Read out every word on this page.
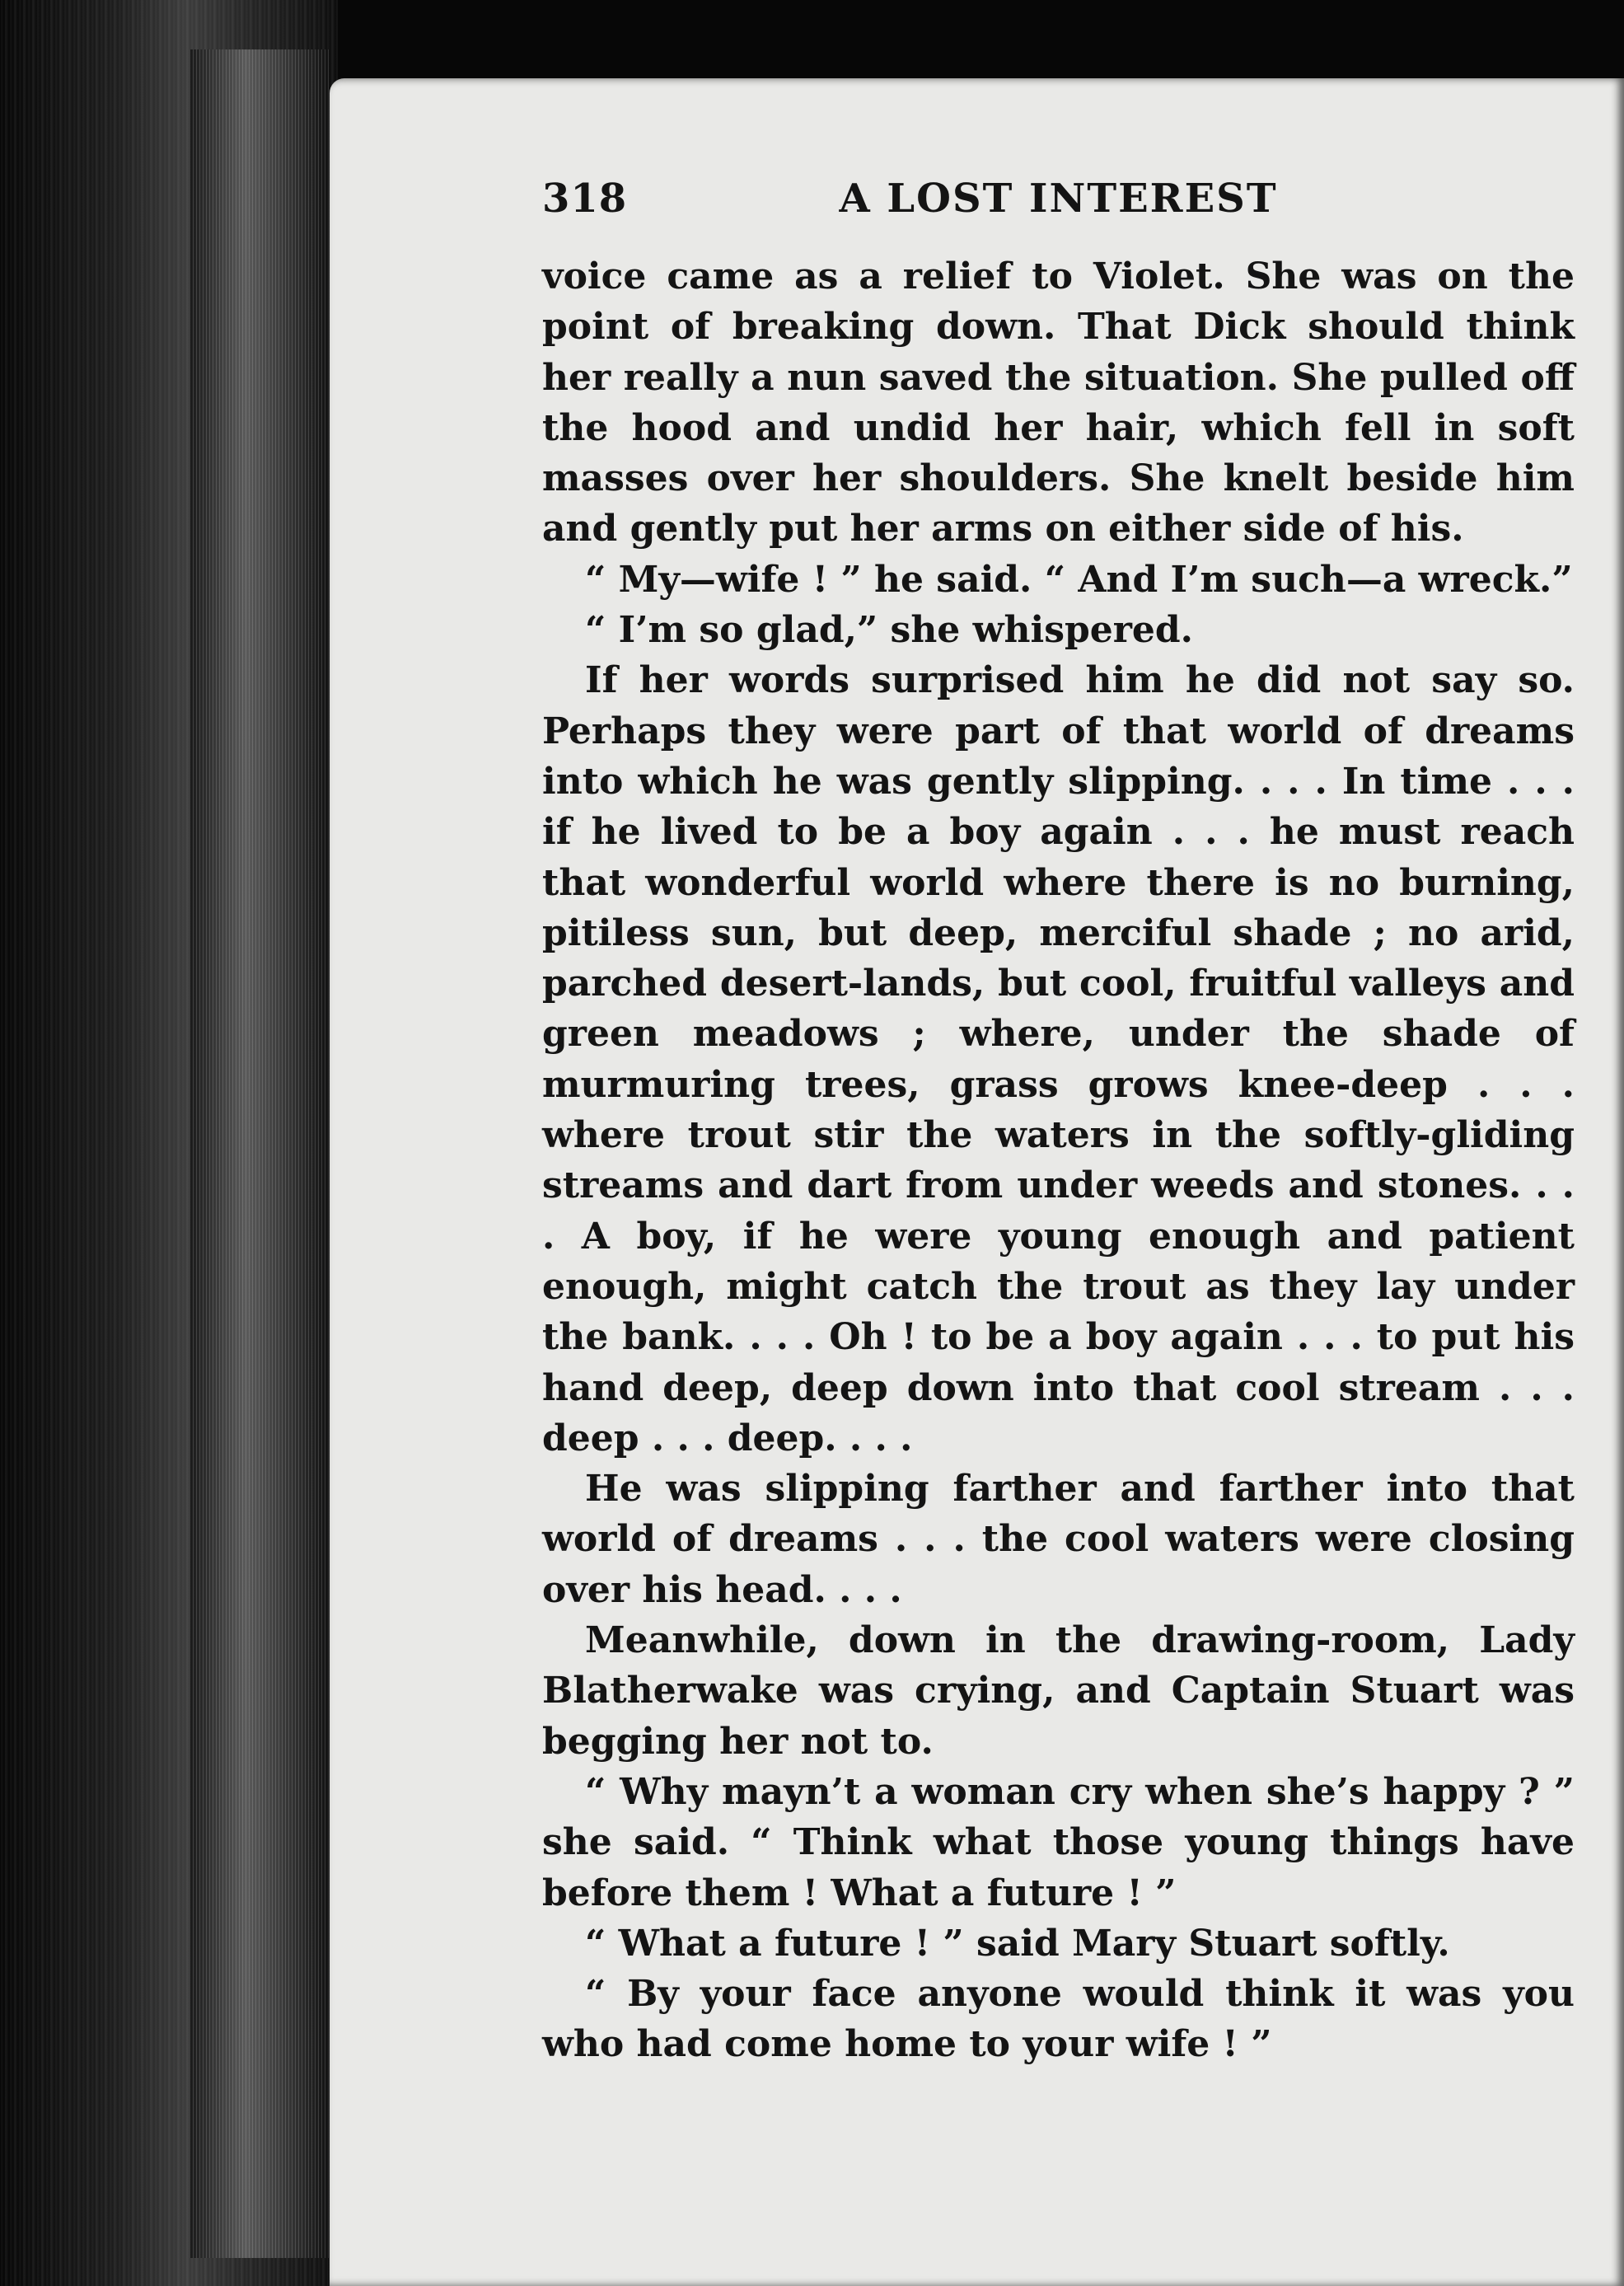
A LOST INTEREST
318

voice came as a relief to Violet. She was on the point of breaking down. That Dick should think her really a nun saved the situation. She pulled off the hood and undid her hair, which fell in soft masses over her shoulders. She knelt beside him and gently put her arms on either side of his.

“ My—wife ! ” he said. “ And I’m such—a wreck.”

“ I’m so glad,” she whispered.

If her words surprised him he did not say so. Perhaps they were part of that world of dreams into which he was gently slipping. . . . In time . . . if he lived to be a boy again . . . he must reach that wonderful world where there is no burning, pitiless sun, but deep, merciful shade ; no arid, parched desert-lands, but cool, fruitful valleys and green meadows ; where, under the shade of murmuring trees, grass grows knee-deep . . . where trout stir the waters in the softly-gliding streams and dart from under weeds and stones. . . . A boy, if he were young enough and patient enough, might catch the trout as they lay under the bank. . . . Oh ! to be a boy again . . . to put his hand deep, deep down into that cool stream . . . deep . . . deep. . . .

He was slipping farther and farther into that world of dreams . . . the cool waters were closing over his head. . . .

Meanwhile, down in the drawing-room, Lady Blatherwake was crying, and Captain Stuart was begging her not to.

“ Why mayn’t a woman cry when she’s happy ? ” she said. “ Think what those young things have before them ! What a future ! ”

“ What a future ! ” said Mary Stuart softly.

“ By your face anyone would think it was you who had come home to your wife ! ”
